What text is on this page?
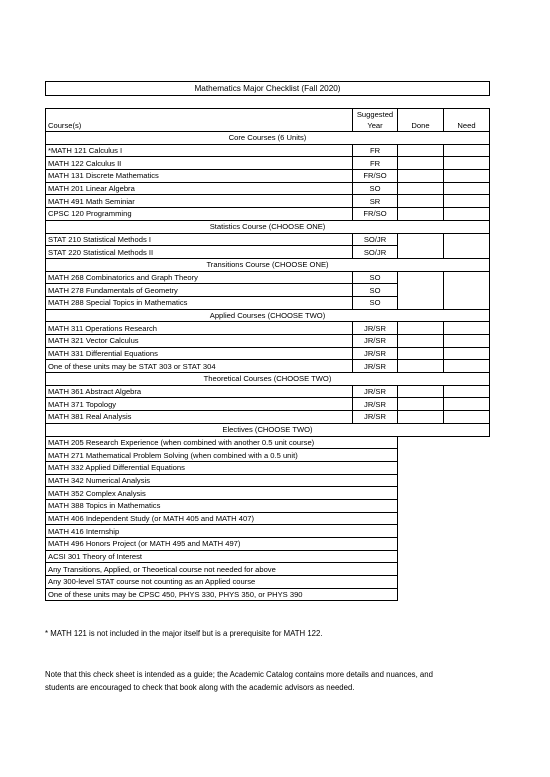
Mathematics Major Checklist (Fall 2020)
	Suggested		
Course(s)	Year	Done	Need
Core Courses (6 Units)			
*MATH 121 Calculus I	FR		
MATH 122 Calculus II	FR		
MATH 131 Discrete Mathematics	FR/SO		
MATH 201 Linear Algebra	SO		
MATH 491 Math Seminiar	SR		
CPSC 120 Programming	FR/SO		
Statistics Course (CHOOSE ONE)			
STAT 210 Statistical Methods I	SO/JR		
STAT 220 Statistical Methods II	SO/JR		
Transitions Course (CHOOSE ONE)			
MATH 268 Combinatorics and Graph Theory	SO		
MATH 278 Fundamentals of Geometry	SO		
MATH 288 Special Topics in Mathematics	SO		
Applied Courses (CHOOSE TWO)			
MATH 311 Operations Research	JR/SR		
MATH 321 Vector Calculus	JR/SR		
MATH 331 Differential Equations	JR/SR		
One of these units may be STAT 303 or STAT 304	JR/SR		
Theoretical Courses (CHOOSE TWO)			
MATH 361 Abstract Algebra	JR/SR		
MATH 371 Topology	JR/SR		
MATH 381 Real Analysis	JR/SR		
Electives (CHOOSE TWO)			
MATH 205 Research Experience (when combined with another 0.5 unit course)			
MATH 271 Mathematical Problem Solving (when combined with a 0.5 unit)			
MATH 332 Applied Differential Equations			
MATH 342 Numerical Analysis			
MATH 352 Complex Analysis			
MATH 388 Topics in Mathematics			
MATH 406 Independent Study (or MATH 405 and MATH 407)			
MATH 416 Internship			
MATH 496 Honors Project (or MATH 495 and MATH 497)			
ACSI 301 Theory of Interest			
Any Transitions, Applied, or Theoetical course not needed for above			
Any 300-level STAT course not counting as an Applied course			
One of these units may be CPSC 450, PHYS 330, PHYS 350, or PHYS 390			
* MATH 121 is not included in the major itself but is a prerequisite for MATH 122.
Note that this check sheet is intended as a guide; the Academic Catalog contains more details and nuances, and students are encouraged to check that book along with the academic advisors as needed.
